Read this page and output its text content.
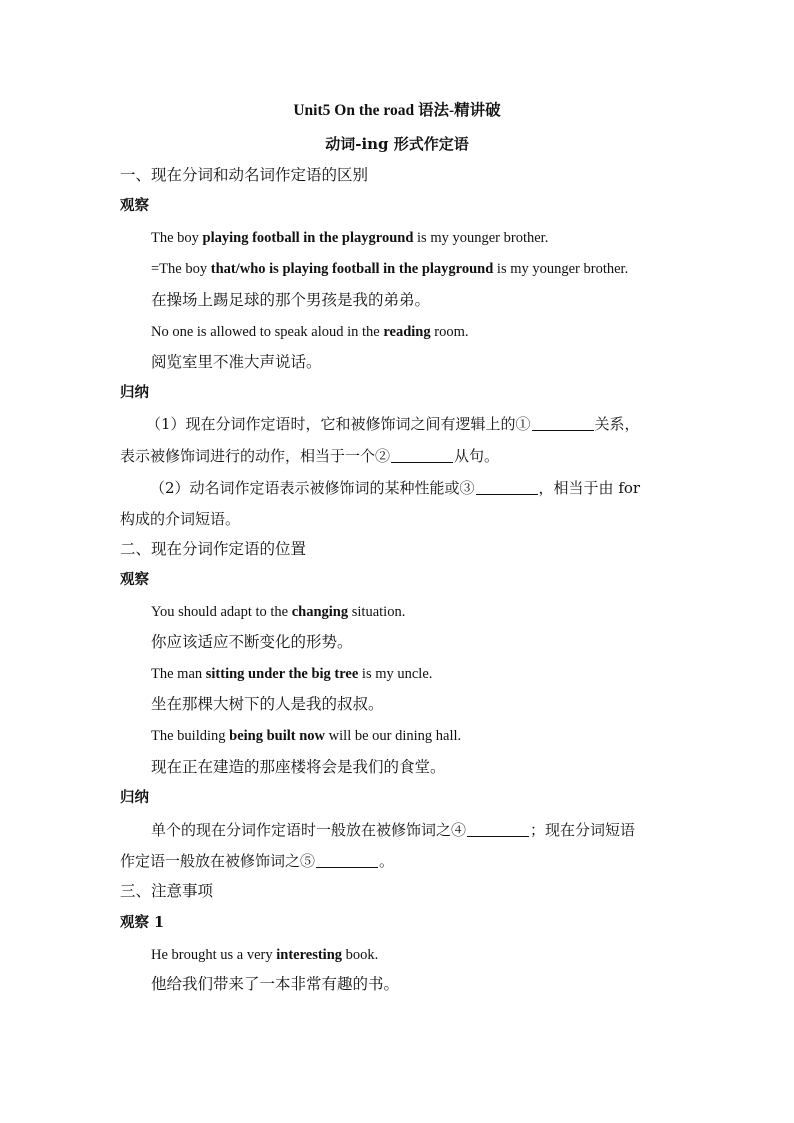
Unit5 On the road 语法-精讲破
动词-ing 形式作定语
一、现在分词和动名词作定语的区别
观察
The boy playing football in the playground is my younger brother.
=The boy that/who is playing football in the playground is my younger brother.
在操场上踢足球的那个男孩是我的弟弟。
No one is allowed to speak aloud in the reading room.
阅览室里不准大声说话。
归纳
（1）现在分词作定语时，它和被修饰词之间有逻辑上的①	关系，
表示被修饰词进行的动作，相当于一个②	从句。
（2）动名词作定语表示被修饰词的某种性能或③	，相当于由 for
构成的介词短语。
二、现在分词作定语的位置
观察
You should adapt to the changing situation.
你应该适应不断变化的形势。
The man sitting under the big tree is my uncle.
坐在那棵大树下的人是我的叔叔。
The building being built now will be our dining hall.
现在正在建造的那座楼将会是我们的食堂。
归纳
单个的现在分词作定语时一般放在被修饰词之④	；现在分词短语
作定语一般放在被修饰词之⑤	。
三、注意事项
观察 1
He brought us a very interesting book.
他给我们带来了一本非常有趣的书。
